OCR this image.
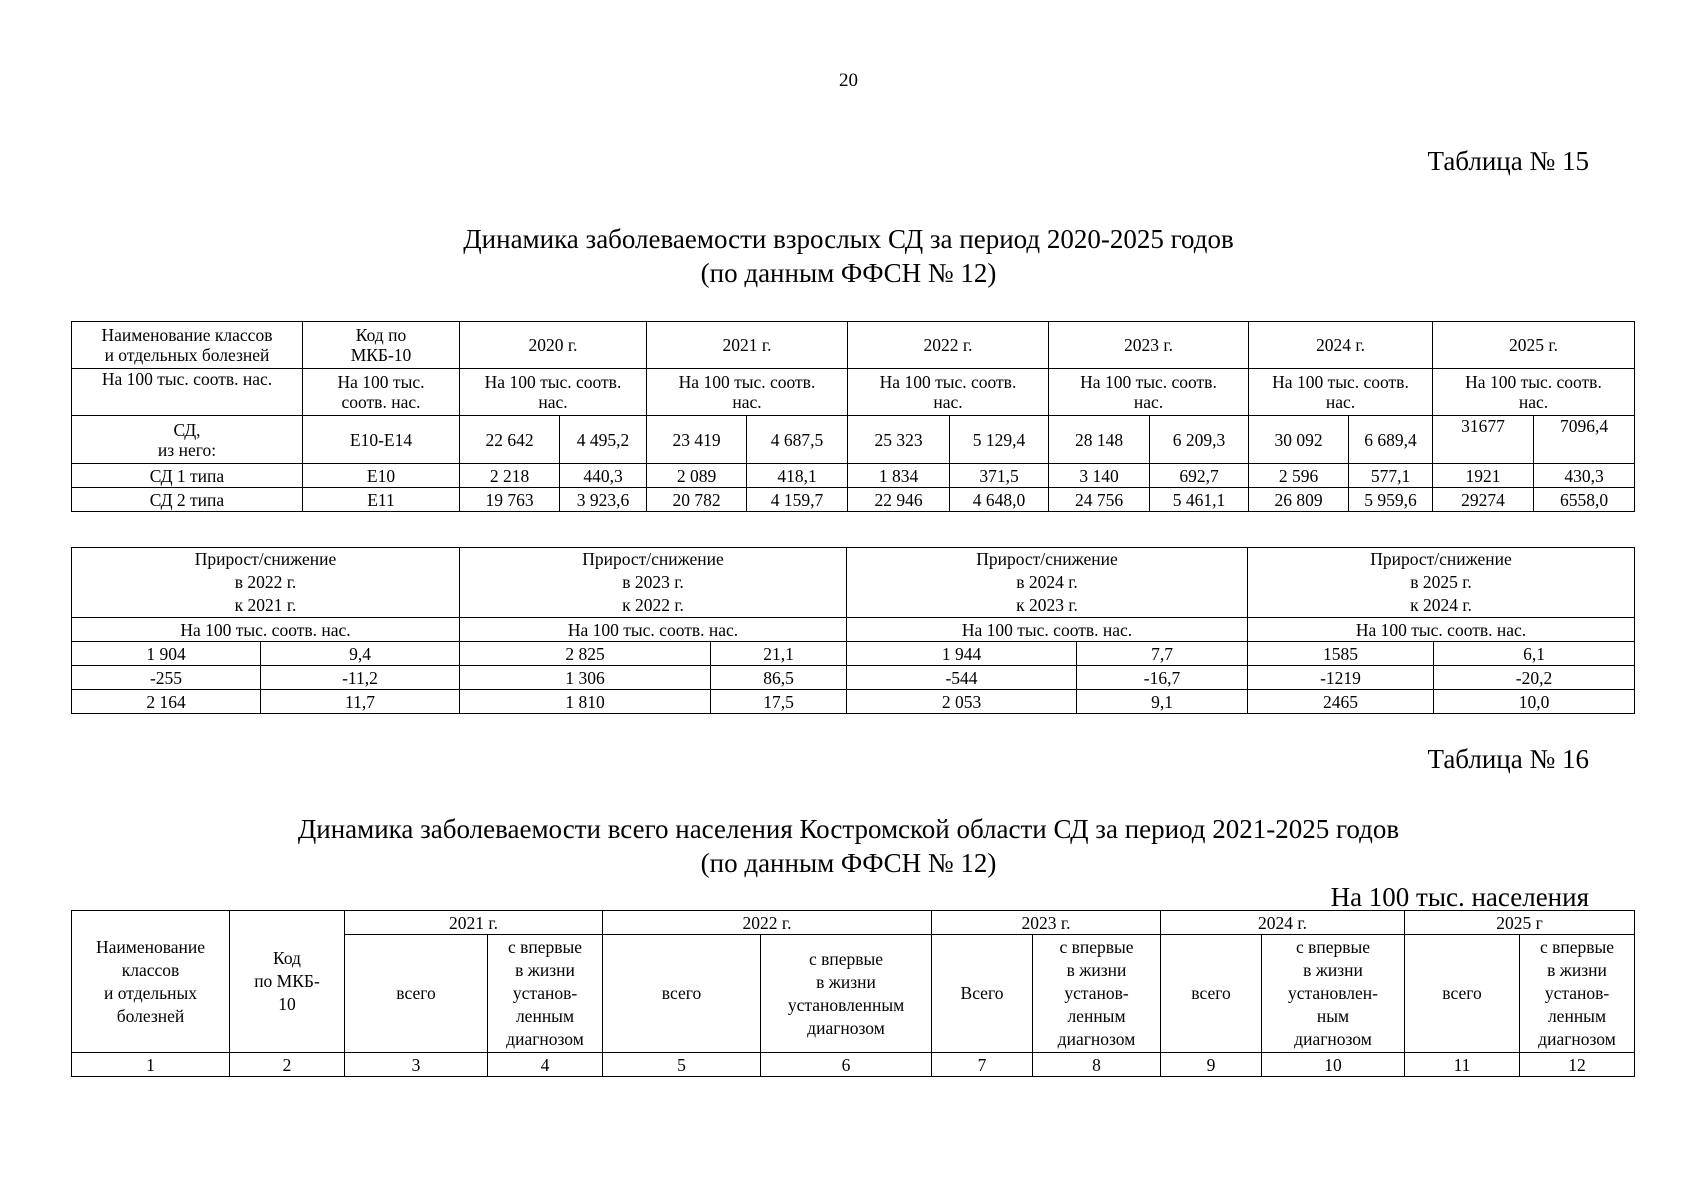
20
Таблица № 15
Динамика заболеваемости взрослых СД за период 2020-2025 годов
(по данным ФФСН № 12)
Наименование классов
и отдельных болезней	Код по
МКБ-10	2020 г.		2021 г.		2022 г.		2023 г.		2024 г.		2025 г.	
На 100 тыс. соотв. нас.	На 100 тыс.
соотв. нас.	На 100 тыс. соотв.
нас.		На 100 тыс. соотв.
нас.		На 100 тыс. соотв.
нас.		На 100 тыс. соотв.
нас.		На 100 тыс. соотв.
нас.		На 100 тыс. соотв.
нас.	
СД,
из него:	E10-E14	22 642	4 495,2	23 419	4 687,5	25 323	5 129,4	28 148	6 209,3	30 092	6 689,4	31677	7096,4
СД 1 типа	E10	2 218	440,3	2 089	418,1	1 834	371,5	3 140	692,7	2 596	577,1	1921	430,3
СД 2 типа	E11	19 763	3 923,6	20 782	4 159,7	22 946	4 648,0	24 756	5 461,1	26 809	5 959,6	29274	6558,0
Прирост/снижение
в 2022 г.
к 2021 г.		Прирост/снижение
в 2023 г.
к 2022 г.		Прирост/снижение
в 2024 г.
к 2023 г.		Прирост/снижение
в 2025 г.
к 2024 г.	
На 100 тыс. соотв. нас.		На 100 тыс. соотв. нас.		На 100 тыс. соотв. нас.		На 100 тыс. соотв. нас.	
1 904	9,4	2 825	21,1	1 944	7,7	1585	6,1
-255	-11,2	1 306	86,5	-544	-16,7	-1219	-20,2
2 164	11,7	1 810	17,5	2 053	9,1	2465	10,0
Таблица № 16
Динамика заболеваемости всего населения Костромской области СД за период 2021-2025 годов
(по данным ФФСН № 12)
На 100 тыс. населения
Наименование
классов
и отдельных
болезней	Код
по МКБ-
10	2021 г.		2022 г.		2023 г.		2024 г.		2025 г	
		всего	с впервые
в жизни
установ-
ленным
диагнозом	всего	с впервые
в жизни
установленным
диагнозом	Всего	с впервые
в жизни
установ-
ленным
диагнозом	всего	с впервые
в жизни
установлен-
ным
диагнозом	всего	с впервые
в жизни
установ-
ленным
диагнозом
1	2	3	4	5	6	7	8	9	10	11	12
